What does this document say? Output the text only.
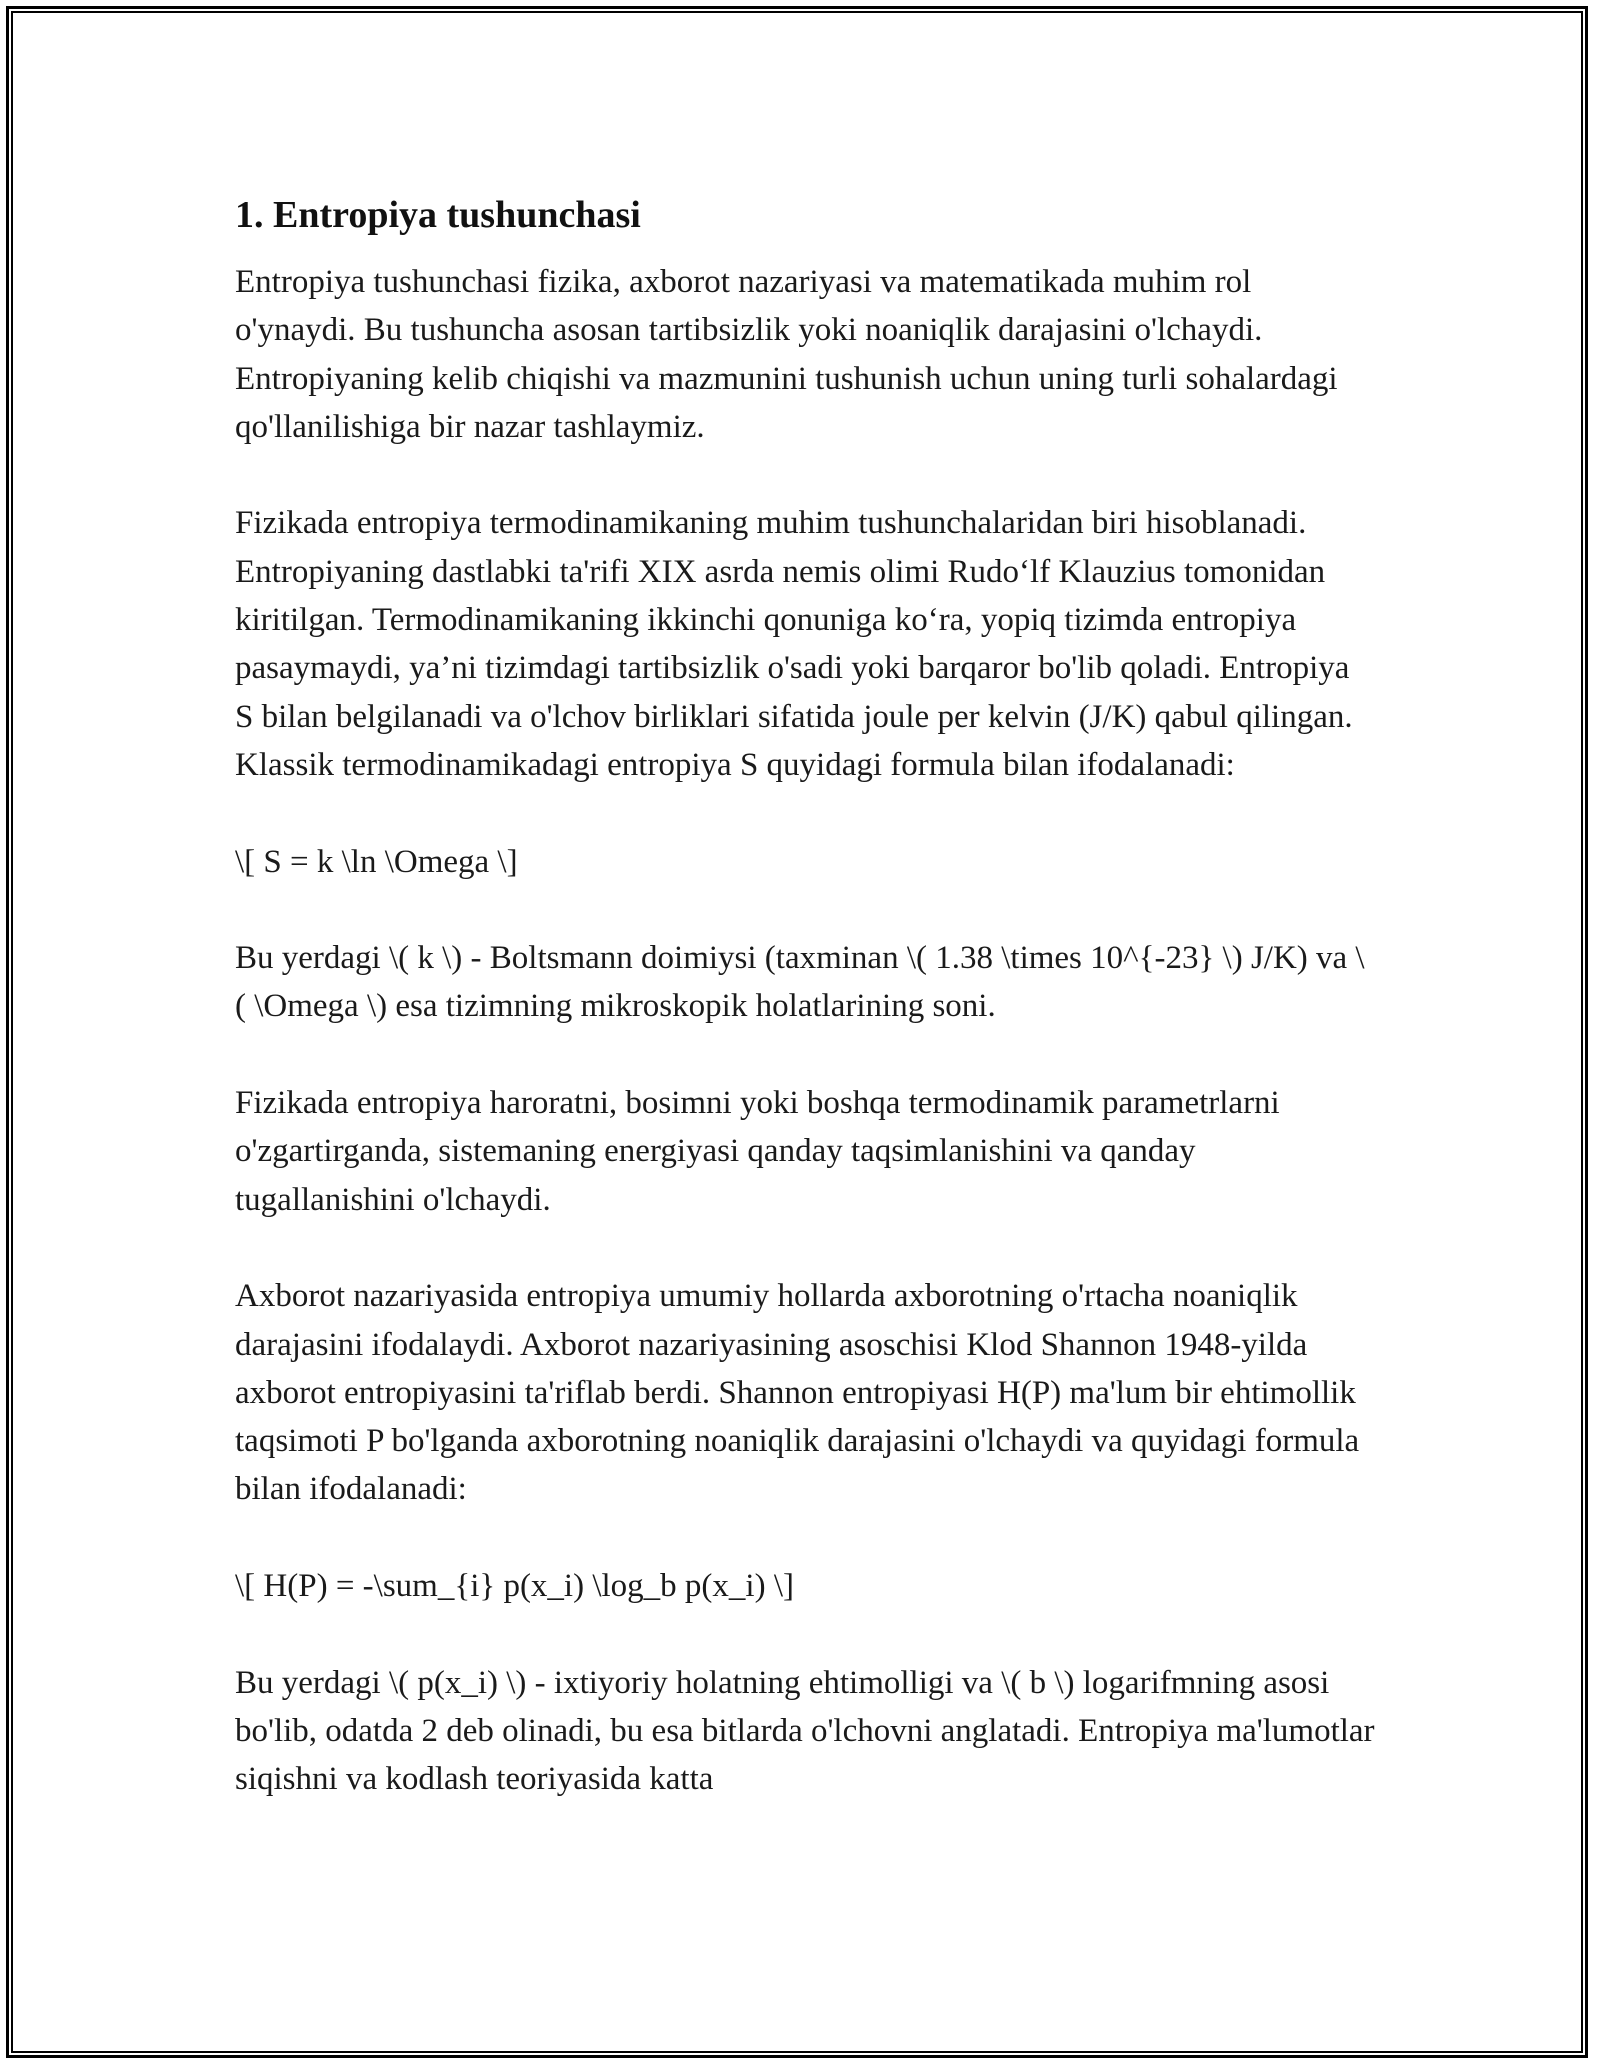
1. Entropiya tushunchasi

Entropiya tushunchasi fizika, axborot nazariyasi va matematikada muhim rol o'ynaydi. Bu tushuncha asosan tartibsizlik yoki noaniqlik darajasini o'lchaydi. Entropiyaning kelib chiqishi va mazmunini tushunish uchun uning turli sohalardagi qo'llanilishiga bir nazar tashlaymiz.

Fizikada entropiya termodinamikaning muhim tushunchalaridan biri hisoblanadi. Entropiyaning dastlabki ta'rifi XIX asrda nemis olimi Rudo‘lf Klauzius tomonidan kiritilgan. Termodinamikaning ikkinchi qonuniga ko‘ra, yopiq tizimda entropiya pasaymaydi, ya’ni tizimdagi tartibsizlik o'sadi yoki barqaror bo'lib qoladi. Entropiya S bilan belgilanadi va o'lchov birliklari sifatida joule per kelvin (J/K) qabul qilingan. Klassik termodinamikadagi entropiya S quyidagi formula bilan ifodalanadi:

\[ S = k \ln \Omega \]

Bu yerdagi \( k \) - Boltsmann doimiysi (taxminan \( 1.38 \times 10^{-23} \) J/K) va \( \Omega \) esa tizimning mikroskopik holatlarining soni.

Fizikada entropiya haroratni, bosimni yoki boshqa termodinamik parametrlarni o'zgartirganda, sistemaning energiyasi qanday taqsimlanishini va qanday tugallanishini o'lchaydi.

Axborot nazariyasida entropiya umumiy hollarda axborotning o'rtacha noaniqlik darajasini ifodalaydi. Axborot nazariyasining asoschisi Klod Shannon 1948-yilda axborot entropiyasini ta'riflab berdi. Shannon entropiyasi H(P) ma'lum bir ehtimollik taqsimoti P bo'lganda axborotning noaniqlik darajasini o'lchaydi va quyidagi formula bilan ifodalanadi:

\[ H(P) = -\sum_{i} p(x_i) \log_b p(x_i) \]

Bu yerdagi \( p(x_i) \) - ixtiyoriy holatning ehtimolligi va \( b \) logarifmning asosi bo'lib, odatda 2 deb olinadi, bu esa bitlarda o'lchovni anglatadi. Entropiya ma'lumotlar siqishni va kodlash teoriyasida katta
